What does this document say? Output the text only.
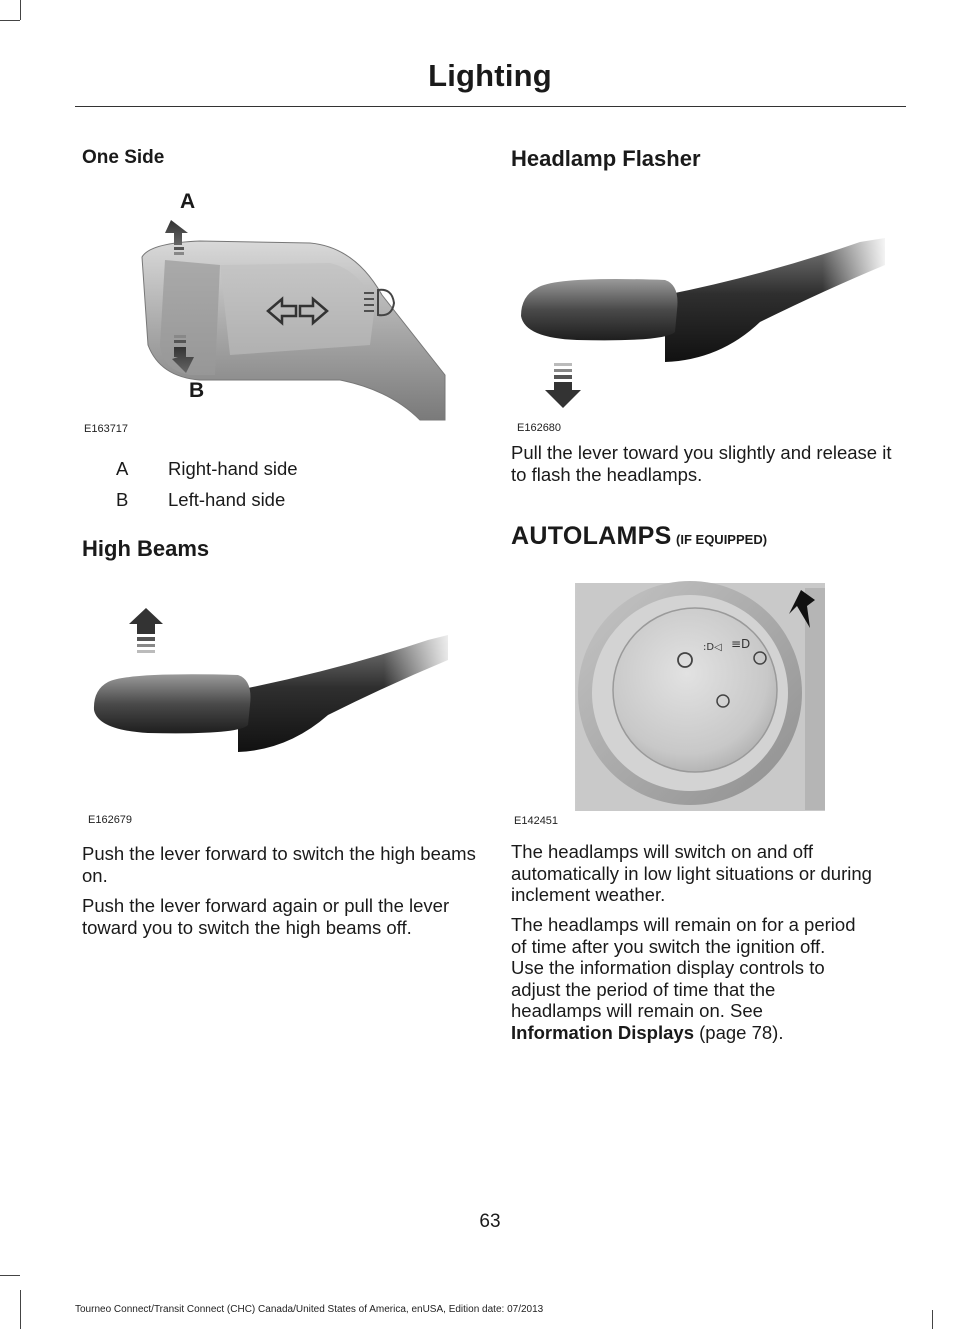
Lighting
One Side
A
B
E163717
A Right-hand side
B Left-hand side
High Beams
E162679
Push the lever forward to switch the high beams on.
Push the lever forward again or pull the lever toward you to switch the high beams off.
Headlamp Flasher
E162680
Pull the lever toward you slightly and release it to flash the headlamps.
AUTOLAMPS (IF EQUIPPED)
E142451
The headlamps will switch on and off automatically in low light situations or during inclement weather.
The headlamps will remain on for a period
of time after you switch the ignition off.
Use the information display controls to
adjust the period of time that the
headlamps will remain on. See
Information Displays (page 78).
63
Tourneo Connect/Transit Connect (CHC) Canada/United States of America, enUSA, Edition date: 07/2013
